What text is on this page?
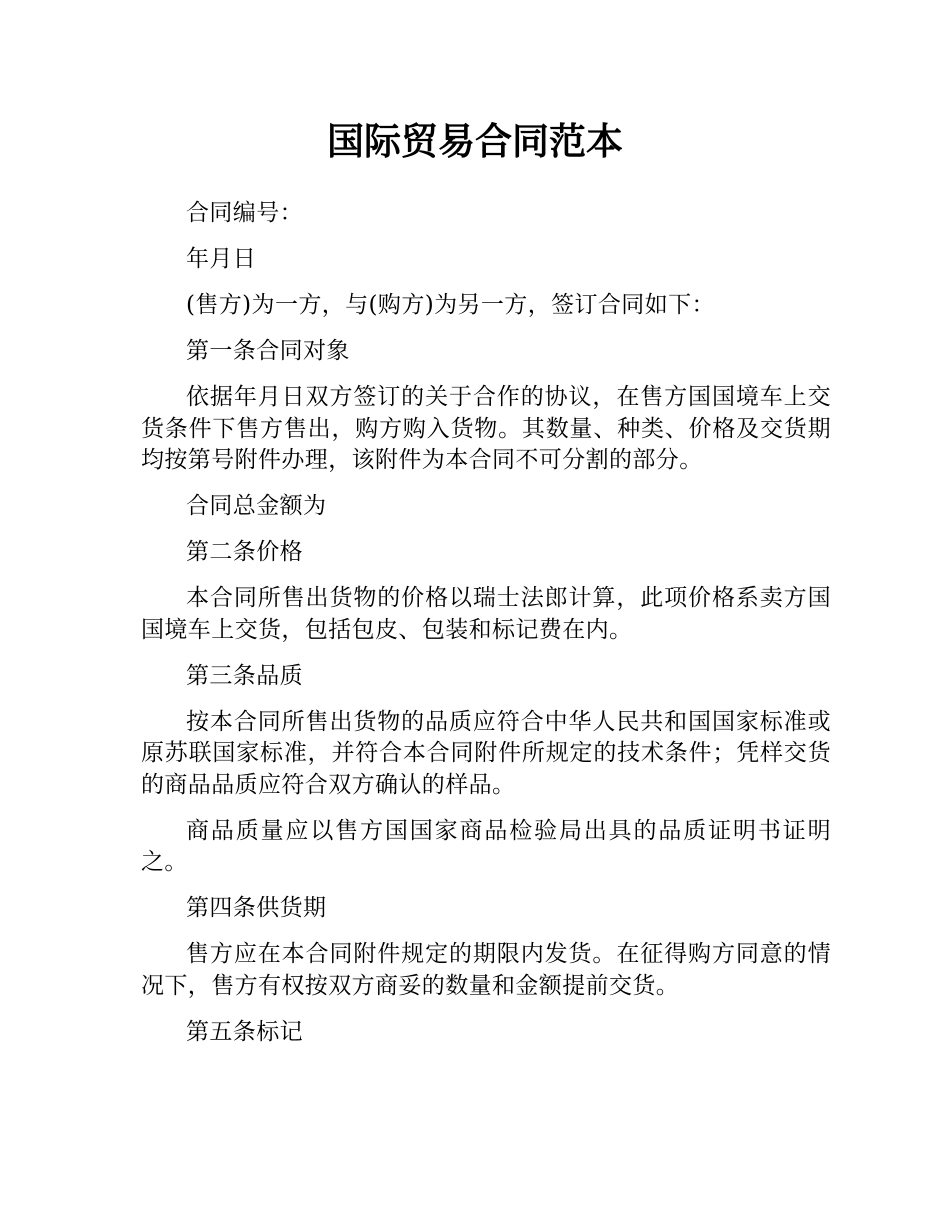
国际贸易合同范本

合同编号：

年月日

(售方)为一方，与(购方)为另一方，签订合同如下：

第一条合同对象

依据年月日双方签订的关于合作的协议，在售方国国境车上交货条件下售方售出，购方购入货物。其数量、种类、价格及交货期均按第号附件办理，该附件为本合同不可分割的部分。

合同总金额为

第二条价格

本合同所售出货物的价格以瑞士法郎计算，此项价格系卖方国国境车上交货，包括包皮、包装和标记费在内。

第三条品质

按本合同所售出货物的品质应符合中华人民共和国国家标准或原苏联国家标准，并符合本合同附件所规定的技术条件；凭样交货的商品品质应符合双方确认的样品。

商品质量应以售方国国家商品检验局出具的品质证明书证明之。

第四条供货期

售方应在本合同附件规定的期限内发货。在征得购方同意的情况下，售方有权按双方商妥的数量和金额提前交货。

第五条标记
